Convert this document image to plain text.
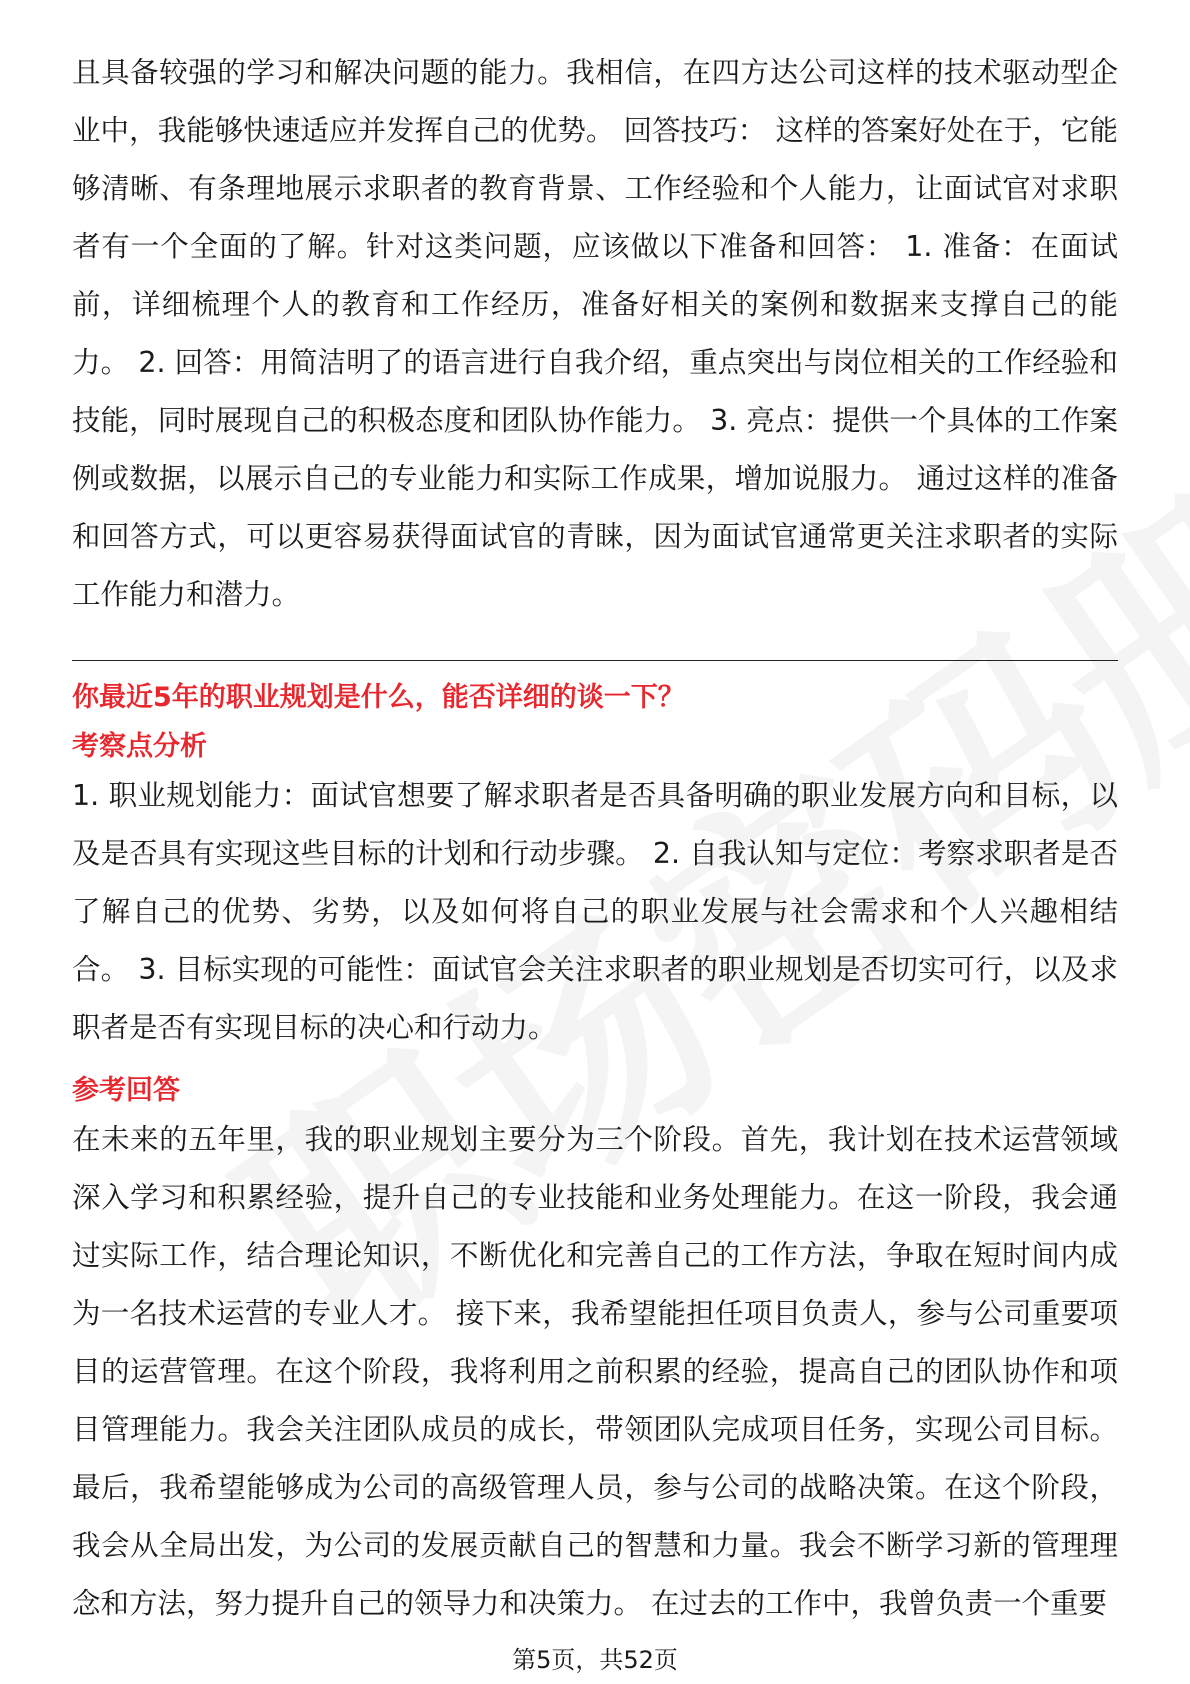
且具备较强的学习和解决问题的能力。我相信，在四方达公司这样的技术驱动型企业中，我能够快速适应并发挥自己的优势。 回答技巧： 这样的答案好处在于，它能够清晰、有条理地展示求职者的教育背景、工作经验和个人能力，让面试官对求职者有一个全面的了解。针对这类问题，应该做以下准备和回答： 1. 准备：在面试前，详细梳理个人的教育和工作经历，准备好相关的案例和数据来支撑自己的能力。 2. 回答：用简洁明了的语言进行自我介绍，重点突出与岗位相关的工作经验和技能，同时展现自己的积极态度和团队协作能力。 3. 亮点：提供一个具体的工作案例或数据，以展示自己的专业能力和实际工作成果，增加说服力。 通过这样的准备和回答方式，可以更容易获得面试官的青睐，因为面试官通常更关注求职者的实际工作能力和潜力。

你最近5年的职业规划是什么，能否详细的谈一下？
考察点分析

1. 职业规划能力：面试官想要了解求职者是否具备明确的职业发展方向和目标，以及是否具有实现这些目标的计划和行动步骤。 2. 自我认知与定位：考察求职者是否了解自己的优势、劣势，以及如何将自己的职业发展与社会需求和个人兴趣相结合。 3. 目标实现的可能性：面试官会关注求职者的职业规划是否切实可行，以及求职者是否有实现目标的决心和行动力。

参考回答

在未来的五年里，我的职业规划主要分为三个阶段。首先，我计划在技术运营领域深入学习和积累经验，提升自己的专业技能和业务处理能力。在这一阶段，我会通过实际工作，结合理论知识，不断优化和完善自己的工作方法，争取在短时间内成为一名技术运营的专业人才。 接下来，我希望能担任项目负责人，参与公司重要项目的运营管理。在这个阶段，我将利用之前积累的经验，提高自己的团队协作和项目管理能力。我会关注团队成员的成长，带领团队完成项目任务，实现公司目标。最后，我希望能够成为公司的高级管理人员，参与公司的战略决策。在这个阶段，我会从全局出发，为公司的发展贡献自己的智慧和力量。我会不断学习新的管理理念和方法，努力提升自己的领导力和决策力。 在过去的工作中，我曾负责一个重要

第5页，共52页
